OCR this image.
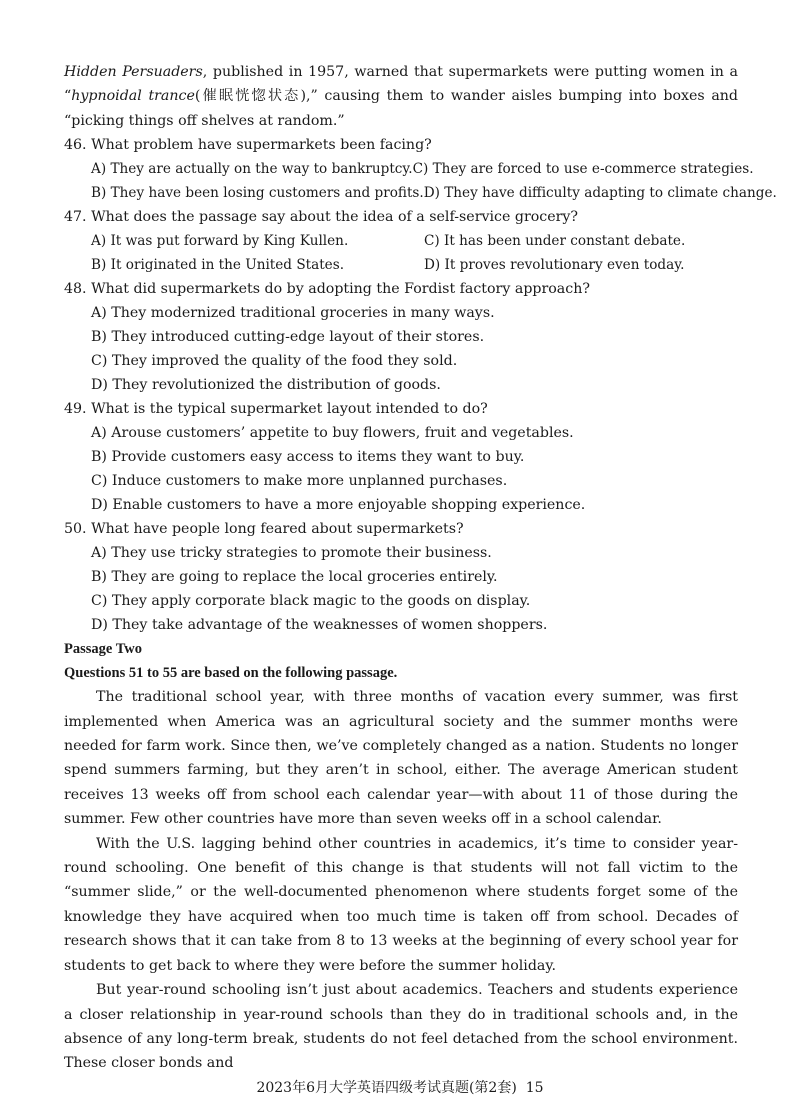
Hidden Persuaders, published in 1957, warned that supermarkets were putting women in a “hypnoidal trance(催眠恍惚状态),” causing them to wander aisles bumping into boxes and “picking things off shelves at random.”

46. What problem have supermarkets been facing?

A) They are actually on the way to bankruptcy. C) They are forced to use e-commerce strategies.
B) They have been losing customers and profits. D) They have difficulty adapting to climate change.

47. What does the passage say about the idea of a self-service grocery?

A) It was put forward by King Kullen.	C) It has been under constant debate.
B) It originated in the United States.	D) It proves revolutionary even today.

48. What did supermarkets do by adopting the Fordist factory approach?

A) They modernized traditional groceries in many ways.

B) They introduced cutting-edge layout of their stores.

C) They improved the quality of the food they sold.

D) They revolutionized the distribution of goods.

49. What is the typical supermarket layout intended to do?

A) Arouse customers’ appetite to buy flowers, fruit and vegetables.

B) Provide customers easy access to items they want to buy.

C) Induce customers to make more unplanned purchases.

D) Enable customers to have a more enjoyable shopping experience.

50. What have people long feared about supermarkets?

A) They use tricky strategies to promote their business.

B) They are going to replace the local groceries entirely.

C) They apply corporate black magic to the goods on display.

D) They take advantage of the weaknesses of women shoppers.

Passage Two

Questions 51 to 55 are based on the following passage.

The traditional school year, with three months of vacation every summer, was first implemented when America was an agricultural society and the summer months were needed for farm work. Since then, we’ve completely changed as a nation. Students no longer spend summers farming, but they aren’t in school, either. The average American student receives 13 weeks off from school each calendar year—with about 11 of those during the summer. Few other countries have more than seven weeks off in a school calendar.

With the U.S. lagging behind other countries in academics, it’s time to consider year-round schooling. One benefit of this change is that students will not fall victim to the “summer slide,” or the well-documented phenomenon where students forget some of the knowledge they have acquired when too much time is taken off from school. Decades of research shows that it can take from 8 to 13 weeks at the beginning of every school year for students to get back to where they were before the summer holiday.

But year-round schooling isn’t just about academics. Teachers and students experience a closer relationship in year-round schools than they do in traditional schools and, in the absence of any long-term break, students do not feel detached from the school environment. These closer bonds and

2023年6月大学英语四级考试真题(第2套) 15
